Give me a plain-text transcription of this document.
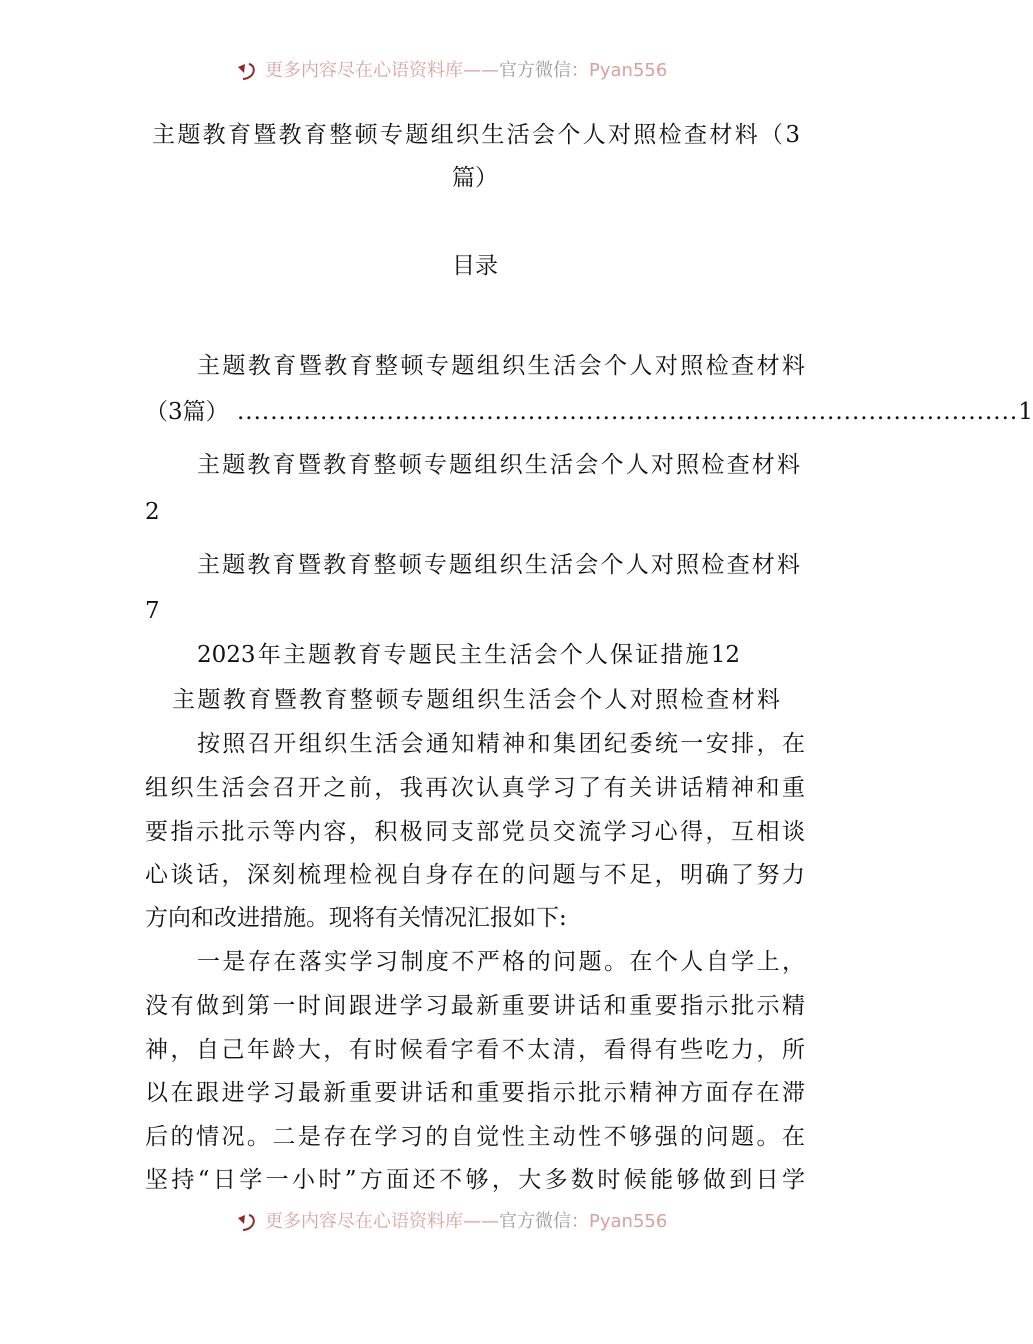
更多内容尽在心语资料库——官方微信：Pyan556
主题教育暨教育整顿专题组织生活会个人对照检查材料（3
篇）
目录
主题教育暨教育整顿专题组织生活会个人对照检查材料
（3篇） .............................................................................................. 1
主题教育暨教育整顿专题组织生活会个人对照检查材料
2
主题教育暨教育整顿专题组织生活会个人对照检查材料
7
2023年主题教育专题民主生活会个人保证措施12
主题教育暨教育整顿专题组织生活会个人对照检查材料
按照召开组织生活会通知精神和集团纪委统一安排，在
组织生活会召开之前，我再次认真学习了有关讲话精神和重
要指示批示等内容，积极同支部党员交流学习心得，互相谈
心谈话，深刻梳理检视自身存在的问题与不足，明确了努力
方向和改进措施。现将有关情况汇报如下:
一是存在落实学习制度不严格的问题。在个人自学上，
没有做到第一时间跟进学习最新重要讲话和重要指示批示精
神，自己年龄大，有时候看字看不太清，看得有些吃力，所
以在跟进学习最新重要讲话和重要指示批示精神方面存在滞
后的情况。二是存在学习的自觉性主动性不够强的问题。在
坚持“日学一小时”方面还不够，大多数时候能够做到日学
更多内容尽在心语资料库——官方微信：Pyan556
